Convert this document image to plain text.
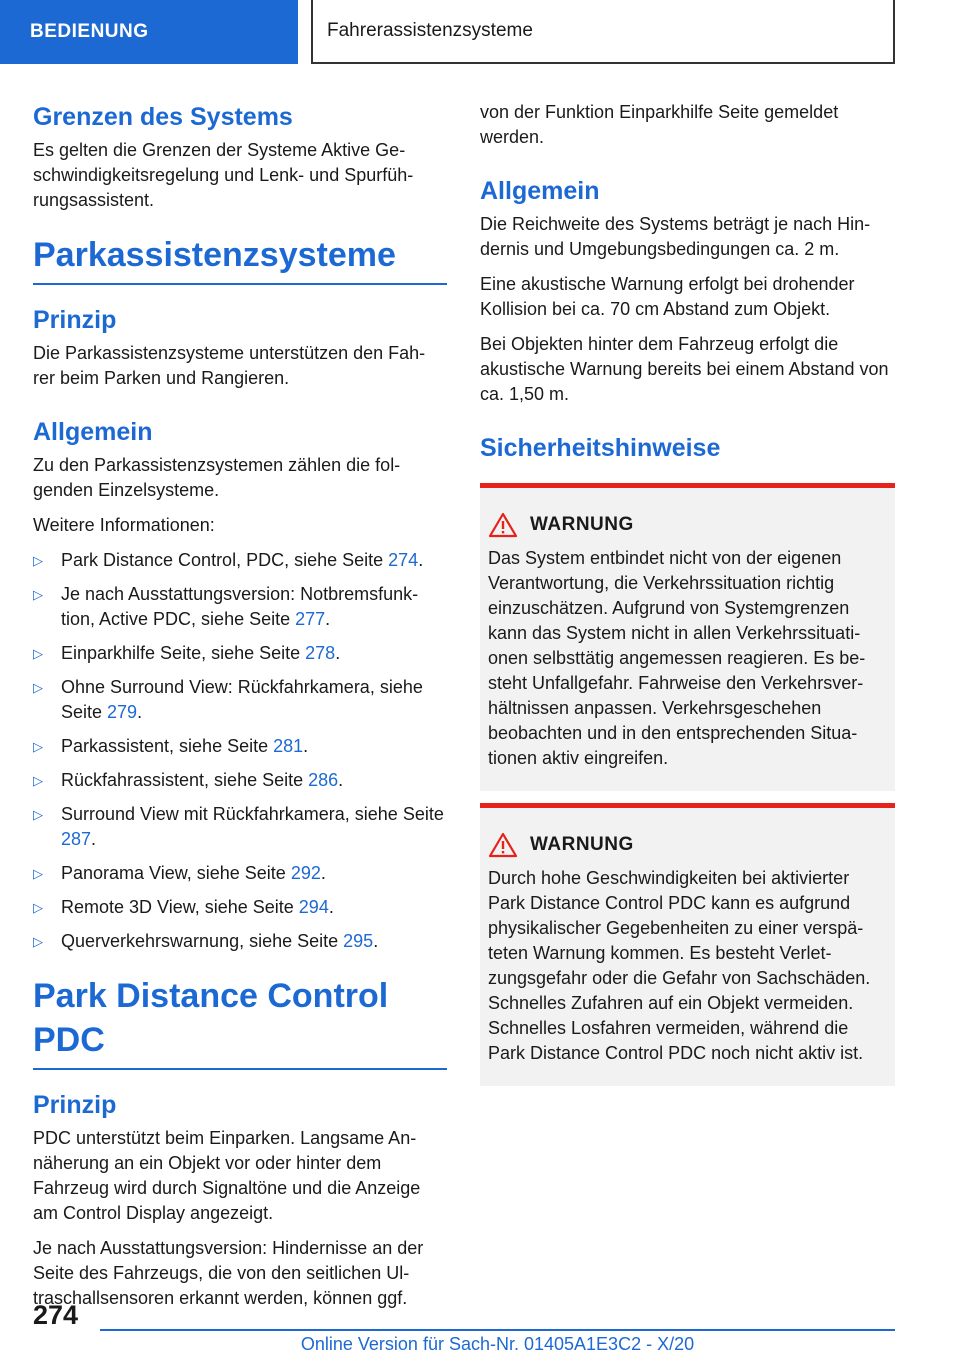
BEDIENUNG	Fahrerassistenzsysteme
Grenzen des Systems

Es gelten die Grenzen der Systeme Aktive Ge-schwindigkeitsregelung und Lenk- und Spurfüh-rungsassistent.

Parkassistenzsysteme
Prinzip

Die Parkassistenzsysteme unterstützen den Fah-rer beim Parken und Rangieren.

Allgemein

Zu den Parkassistenzsystemen zählen die fol-genden Einzelsysteme.

Weitere Informationen:

▷ Park Distance Control, PDC, siehe Seite 274.
▷ Je nach Ausstattungsversion: Notbremsfunk-tion, Active PDC, siehe Seite 277.
▷ Einparkhilfe Seite, siehe Seite 278.
▷ Ohne Surround View: Rückfahrkamera, siehe Seite 279.
▷ Parkassistent, siehe Seite 281.
▷ Rückfahrassistent, siehe Seite 286.
▷ Surround View mit Rückfahrkamera, siehe Seite 287.
▷ Panorama View, siehe Seite 292.
▷ Remote 3D View, siehe Seite 294.
▷ Querverkehrswarnung, siehe Seite 295.
Park Distance Control PDC
Prinzip

PDC unterstützt beim Einparken. Langsame An-näherung an ein Objekt vor oder hinter dem Fahrzeug wird durch Signaltöne und die Anzeige am Control Display angezeigt.

Je nach Ausstattungsversion: Hindernisse an der Seite des Fahrzeugs, die von den seitlichen Ul-traschallsensoren erkannt werden, können ggf.

von der Funktion Einparkhilfe Seite gemeldet werden.

Allgemein

Die Reichweite des Systems beträgt je nach Hin-dernis und Umgebungsbedingungen ca. 2 m.

Eine akustische Warnung erfolgt bei drohender Kollision bei ca. 70 cm Abstand zum Objekt.

Bei Objekten hinter dem Fahrzeug erfolgt die akustische Warnung bereits bei einem Abstand von ca. 1,50 m.

Sicherheitshinweise
WARNUNG

Das System entbindet nicht von der eigenen Verantwortung, die Verkehrssituation richtig einzuschätzen. Aufgrund von Systemgrenzen kann das System nicht in allen Verkehrssituati-onen selbsttätig angemessen reagieren. Es be-steht Unfallgefahr. Fahrweise den Verkehrsver-hältnissen anpassen. Verkehrsgeschehen beobachten und in den entsprechenden Situa-tionen aktiv eingreifen.

WARNUNG

Durch hohe Geschwindigkeiten bei aktivierter Park Distance Control PDC kann es aufgrund physikalischer Gegebenheiten zu einer verspä-teten Warnung kommen. Es besteht Verlet-zungsgefahr oder die Gefahr von Sachschäden. Schnelles Zufahren auf ein Objekt vermeiden. Schnelles Losfahren vermeiden, während die Park Distance Control PDC noch nicht aktiv ist.

274
Online Version für Sach-Nr. 01405A1E3C2 - X/20
